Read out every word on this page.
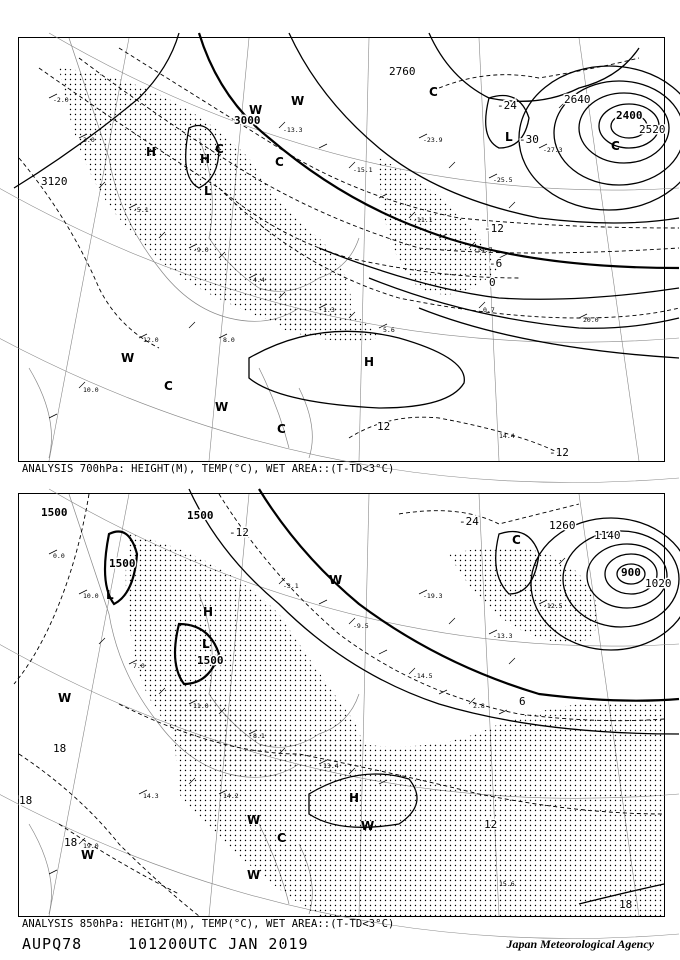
-2.0
3.0
-5.1
-9.0
4.4
1.3
5.6
-13.3
-15.1
-11.1
-14.7
-23.9
-25.5
-27.3
20.0
0.7
12.0	8.0
10.0
14.4
3120
3000
2760
2640
2400
2520
-24
-30
-12
-6
0
12
-12
H	H
L
C
H
W
C
W
C
L
C
C
W
C
W
ANALYSIS 700hPa: HEIGHT(M), TEMP(°C), WET AREA::(T-TD<3°C)
0.0
10.0
7.0
11.0
8.1
13.4
-3.1
-9.5
-14.5
2.8
-19.3
-13.3
-12.5
14.3	14.2
19.0
15.6
1500	1500
1500
1500
1260
1140
900
1020
-24
-12
6
12
18
18
18
18
L
H
L
W
W
C
W
H
W
W
W
C
ANALYSIS 850hPa: HEIGHT(M), TEMP(°C), WET AREA::(T-TD<3°C)
AUPQ78	101200UTC JAN 2019	Japan Meteorological Agency
